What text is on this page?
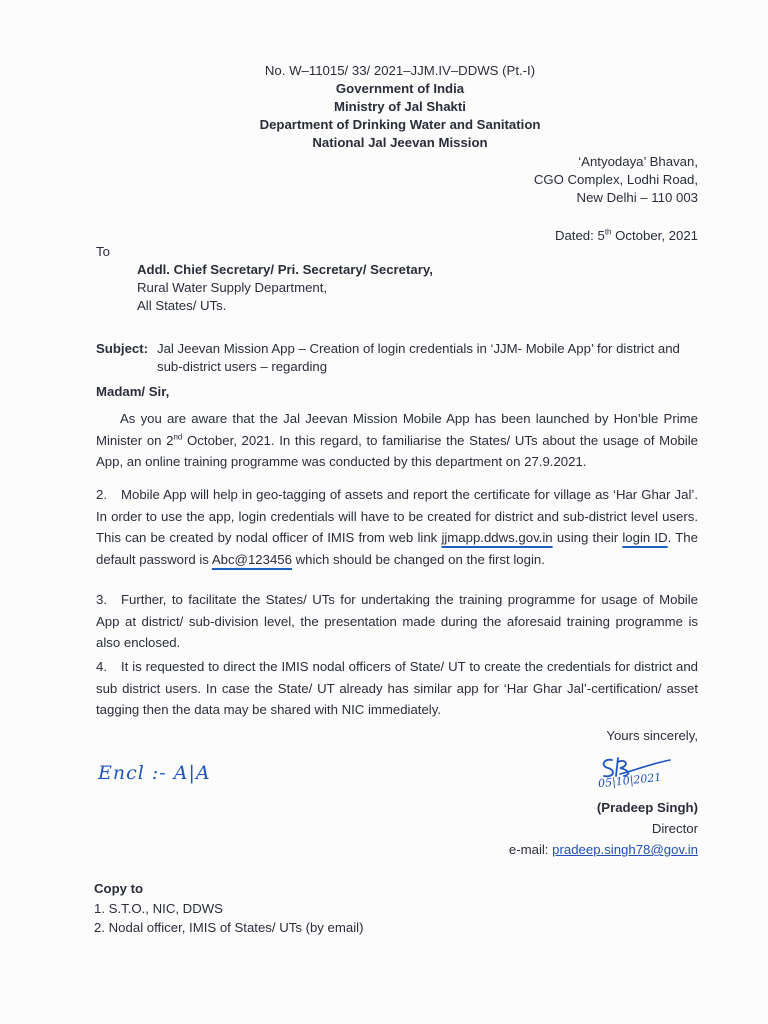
No. W–11015/ 33/ 2021–JJM.IV–DDWS (Pt.-I)
Government of India
Ministry of Jal Shakti
Department of Drinking Water and Sanitation
National Jal Jeevan Mission
‘Antyodaya’ Bhavan,
CGO Complex, Lodhi Road,
New Delhi – 110 003
Dated: 5th October, 2021
To
Addl. Chief Secretary/ Pri. Secretary/ Secretary,
Rural Water Supply Department,
All States/ UTs.
Subject: Jal Jeevan Mission App – Creation of login credentials in ‘JJM- Mobile App’ for district and sub-district users – regarding
Madam/ Sir,
As you are aware that the Jal Jeevan Mission Mobile App has been launched by Hon’ble Prime Minister on 2nd October, 2021. In this regard, to familiarise the States/ UTs about the usage of Mobile App, an online training programme was conducted by this department on 27.9.2021.
2. Mobile App will help in geo-tagging of assets and report the certificate for village as ‘Har Ghar Jal’. In order to use the app, login credentials will have to be created for district and sub-district level users. This can be created by nodal officer of IMIS from web link jjmapp.ddws.gov.in using their login ID. The default password is Abc@123456 which should be changed on the first login.
3. Further, to facilitate the States/ UTs for undertaking the training programme for usage of Mobile App at district/ sub-division level, the presentation made during the aforesaid training programme is also enclosed.
4. It is requested to direct the IMIS nodal officers of State/ UT to create the credentials for district and sub district users. In case the State/ UT already has similar app for ‘Har Ghar Jal’-certification/ asset tagging then the data may be shared with NIC immediately.
Yours sincerely,
Encl :- A|A	05|10|2021
(Pradeep Singh)
Director
e-mail: pradeep.singh78@gov.in
Copy to
1. S.T.O., NIC, DDWS
2. Nodal officer, IMIS of States/ UTs (by email)
